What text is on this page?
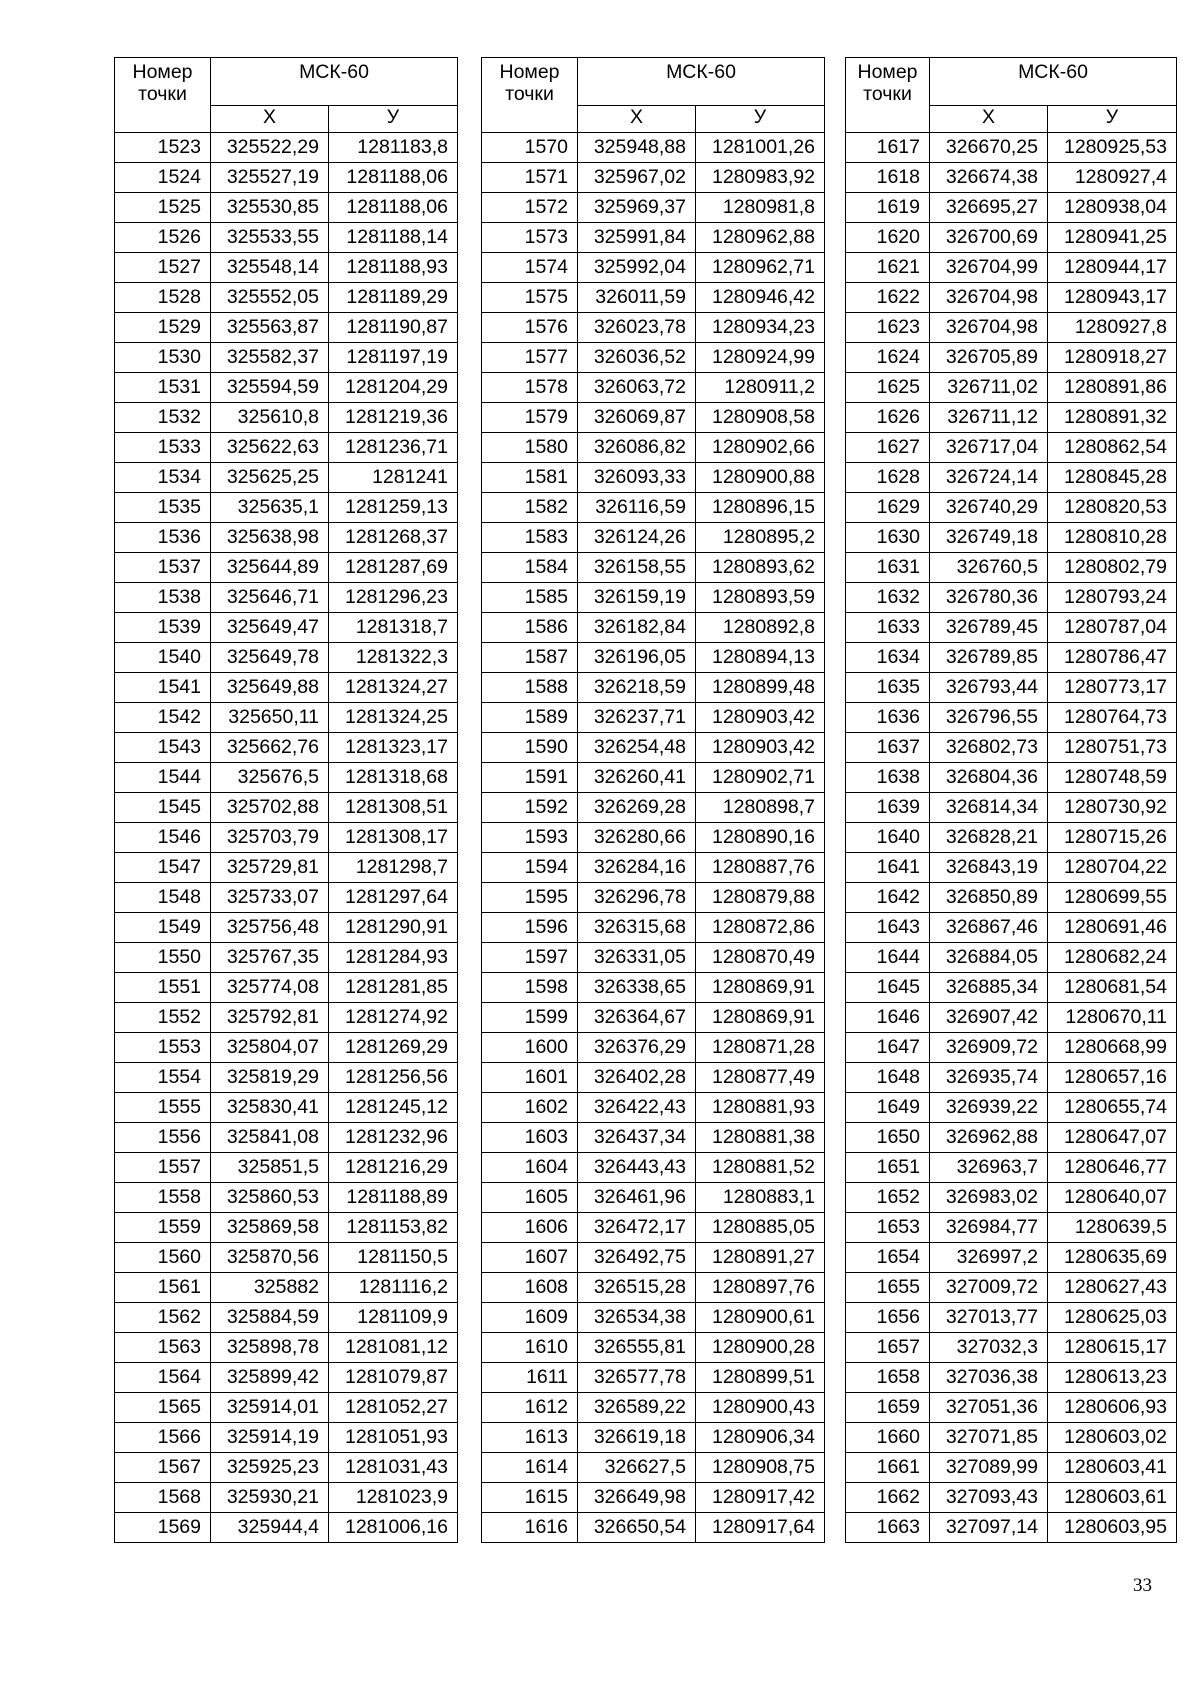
Номер точки	МСК-60	
	Х	У
1523	325522,29	1281183,8
1524	325527,19	1281188,06
1525	325530,85	1281188,06
1526	325533,55	1281188,14
1527	325548,14	1281188,93
1528	325552,05	1281189,29
1529	325563,87	1281190,87
1530	325582,37	1281197,19
1531	325594,59	1281204,29
1532	325610,8	1281219,36
1533	325622,63	1281236,71
1534	325625,25	1281241
1535	325635,1	1281259,13
1536	325638,98	1281268,37
1537	325644,89	1281287,69
1538	325646,71	1281296,23
1539	325649,47	1281318,7
1540	325649,78	1281322,3
1541	325649,88	1281324,27
1542	325650,11	1281324,25
1543	325662,76	1281323,17
1544	325676,5	1281318,68
1545	325702,88	1281308,51
1546	325703,79	1281308,17
1547	325729,81	1281298,7
1548	325733,07	1281297,64
1549	325756,48	1281290,91
1550	325767,35	1281284,93
1551	325774,08	1281281,85
1552	325792,81	1281274,92
1553	325804,07	1281269,29
1554	325819,29	1281256,56
1555	325830,41	1281245,12
1556	325841,08	1281232,96
1557	325851,5	1281216,29
1558	325860,53	1281188,89
1559	325869,58	1281153,82
1560	325870,56	1281150,5
1561	325882	1281116,2
1562	325884,59	1281109,9
1563	325898,78	1281081,12
1564	325899,42	1281079,87
1565	325914,01	1281052,27
1566	325914,19	1281051,93
1567	325925,23	1281031,43
1568	325930,21	1281023,9
1569	325944,4	1281006,16
Номер точки	МСК-60	
	Х	У
1570	325948,88	1281001,26
1571	325967,02	1280983,92
1572	325969,37	1280981,8
1573	325991,84	1280962,88
1574	325992,04	1280962,71
1575	326011,59	1280946,42
1576	326023,78	1280934,23
1577	326036,52	1280924,99
1578	326063,72	1280911,2
1579	326069,87	1280908,58
1580	326086,82	1280902,66
1581	326093,33	1280900,88
1582	326116,59	1280896,15
1583	326124,26	1280895,2
1584	326158,55	1280893,62
1585	326159,19	1280893,59
1586	326182,84	1280892,8
1587	326196,05	1280894,13
1588	326218,59	1280899,48
1589	326237,71	1280903,42
1590	326254,48	1280903,42
1591	326260,41	1280902,71
1592	326269,28	1280898,7
1593	326280,66	1280890,16
1594	326284,16	1280887,76
1595	326296,78	1280879,88
1596	326315,68	1280872,86
1597	326331,05	1280870,49
1598	326338,65	1280869,91
1599	326364,67	1280869,91
1600	326376,29	1280871,28
1601	326402,28	1280877,49
1602	326422,43	1280881,93
1603	326437,34	1280881,38
1604	326443,43	1280881,52
1605	326461,96	1280883,1
1606	326472,17	1280885,05
1607	326492,75	1280891,27
1608	326515,28	1280897,76
1609	326534,38	1280900,61
1610	326555,81	1280900,28
1611	326577,78	1280899,51
1612	326589,22	1280900,43
1613	326619,18	1280906,34
1614	326627,5	1280908,75
1615	326649,98	1280917,42
1616	326650,54	1280917,64
Номер точки	МСК-60	
	Х	У
1617	326670,25	1280925,53
1618	326674,38	1280927,4
1619	326695,27	1280938,04
1620	326700,69	1280941,25
1621	326704,99	1280944,17
1622	326704,98	1280943,17
1623	326704,98	1280927,8
1624	326705,89	1280918,27
1625	326711,02	1280891,86
1626	326711,12	1280891,32
1627	326717,04	1280862,54
1628	326724,14	1280845,28
1629	326740,29	1280820,53
1630	326749,18	1280810,28
1631	326760,5	1280802,79
1632	326780,36	1280793,24
1633	326789,45	1280787,04
1634	326789,85	1280786,47
1635	326793,44	1280773,17
1636	326796,55	1280764,73
1637	326802,73	1280751,73
1638	326804,36	1280748,59
1639	326814,34	1280730,92
1640	326828,21	1280715,26
1641	326843,19	1280704,22
1642	326850,89	1280699,55
1643	326867,46	1280691,46
1644	326884,05	1280682,24
1645	326885,34	1280681,54
1646	326907,42	1280670,11
1647	326909,72	1280668,99
1648	326935,74	1280657,16
1649	326939,22	1280655,74
1650	326962,88	1280647,07
1651	326963,7	1280646,77
1652	326983,02	1280640,07
1653	326984,77	1280639,5
1654	326997,2	1280635,69
1655	327009,72	1280627,43
1656	327013,77	1280625,03
1657	327032,3	1280615,17
1658	327036,38	1280613,23
1659	327051,36	1280606,93
1660	327071,85	1280603,02
1661	327089,99	1280603,41
1662	327093,43	1280603,61
1663	327097,14	1280603,95
33
